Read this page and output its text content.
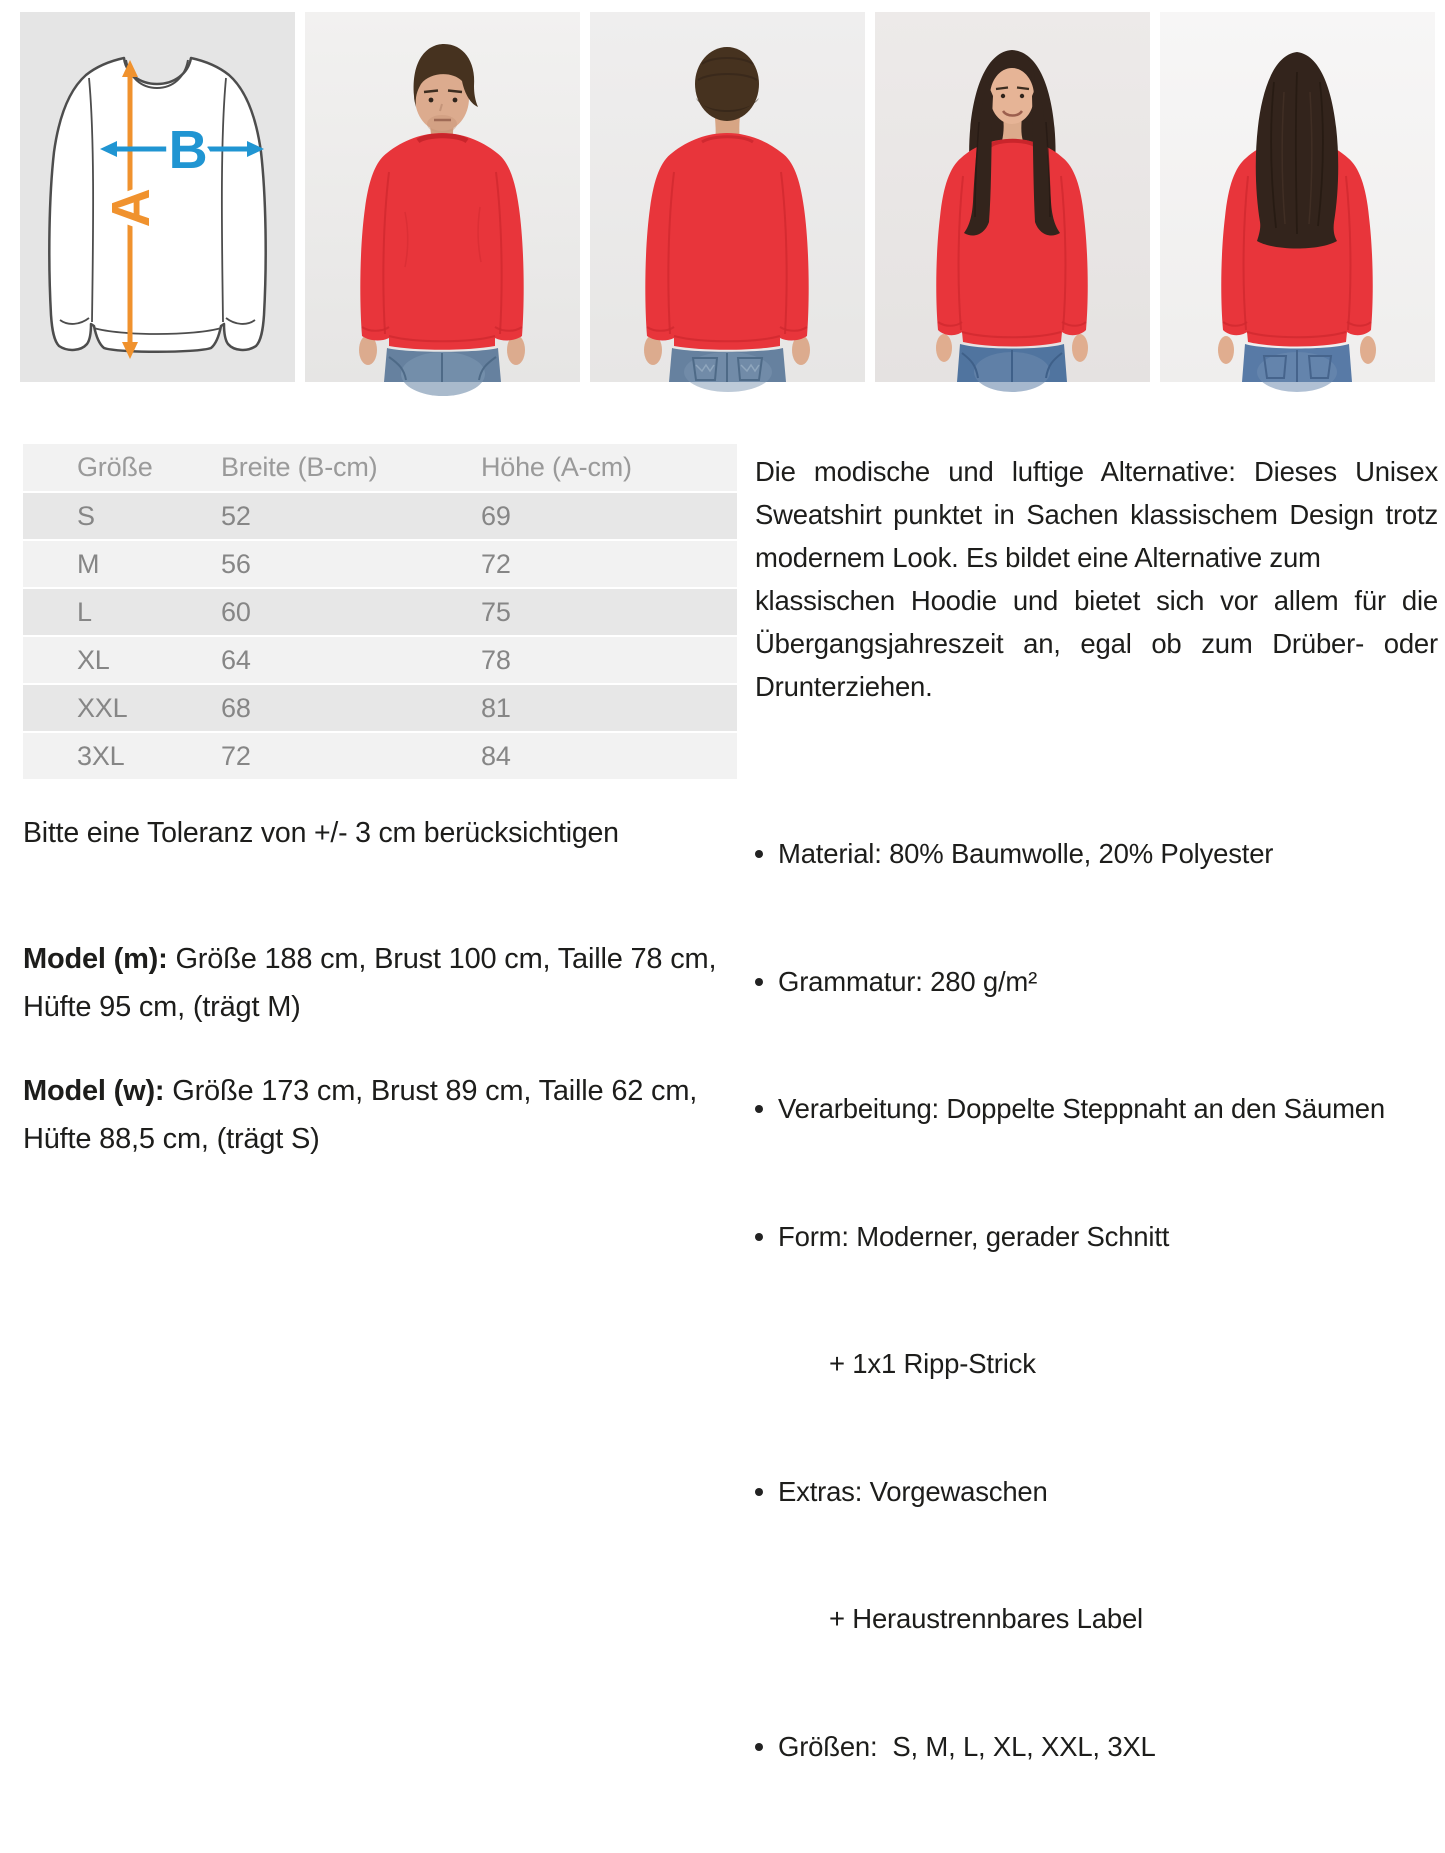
A
B
Größe	Breite (B-cm)	Höhe (A-cm)
S	52	69
M	56	72
L	60	75
XL	64	78
XXL	68	81
3XL	72	84
Bitte eine Toleranz von +/- 3 cm berücksichtigen

Model (m): Größe 188 cm, Brust 100 cm, Taille 78 cm, Hüfte 95 cm, (trägt M)

Model (w): Größe 173 cm, Brust 89 cm, Taille 62 cm, Hüfte 88,5 cm, (trägt S)

Die modische und luftige Alternative: Dieses Unisex
Sweatshirt punktet in Sachen klassischem Design trotz
modernem Look. Es bildet eine Alternative zum
klassischen Hoodie und bietet sich vor allem für die
Übergangsjahreszeit an, egal ob zum Drüber- oder
Drunterziehen.

Material: 80% Baumwolle, 20% Polyester

Grammatur: 280 g/m²

Verarbeitung: Doppelte Steppnaht an den Säumen

Form: Moderner, gerader Schnitt

+ 1x1 Ripp-Strick

Extras: Vorgewaschen

+ Heraustrennbares Label

Größen:  S, M, L, XL, XXL, 3XL
